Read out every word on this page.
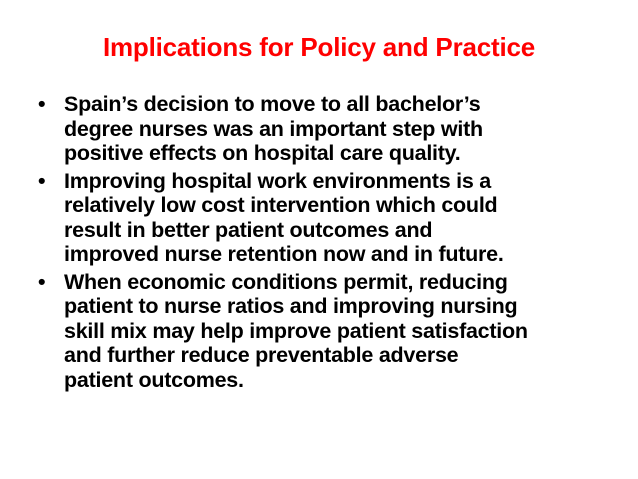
Implications for Policy and Practice
• Spain’s decision to move to all bachelor’s
degree nurses was an important step with
positive effects on hospital care quality.
• Improving hospital work environments is a
relatively low cost intervention which could
result in better patient outcomes and
improved nurse retention now and in future.
• When economic conditions permit, reducing
patient to nurse ratios and improving nursing
skill mix may help improve patient satisfaction
and further reduce preventable adverse
patient outcomes.
